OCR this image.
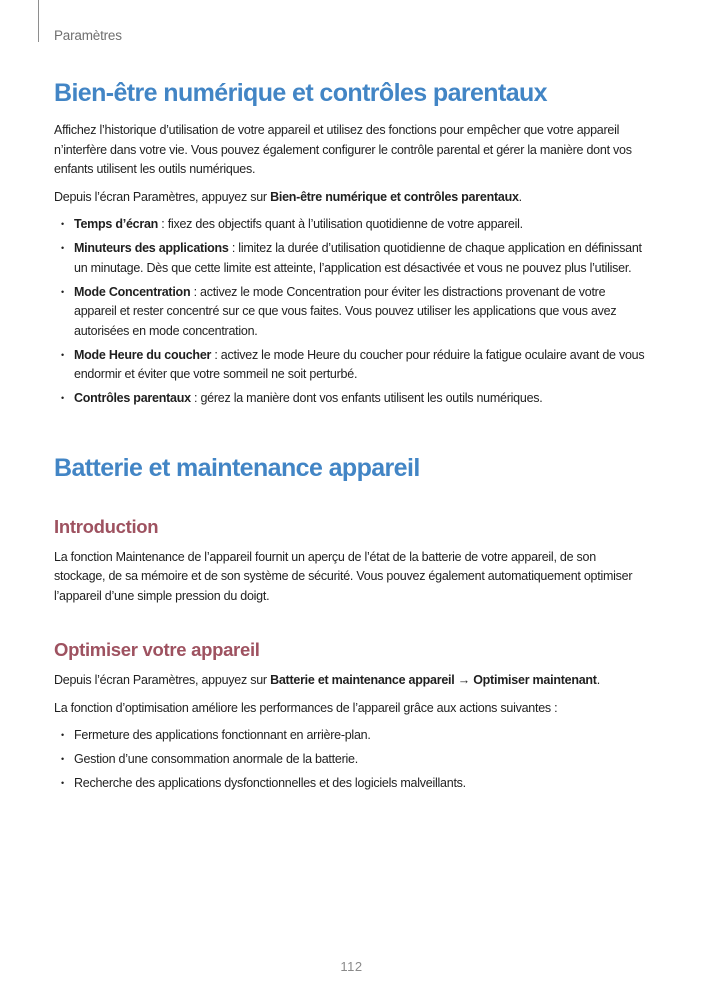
Paramètres
Bien-être numérique et contrôles parentaux

Affichez l’historique d’utilisation de votre appareil et utilisez des fonctions pour empêcher que votre appareil n’interfère dans votre vie. Vous pouvez également configurer le contrôle parental et gérer la manière dont vos enfants utilisent les outils numériques.

Depuis l’écran Paramètres, appuyez sur Bien-être numérique et contrôles parentaux.

• Temps d’écran : fixez des objectifs quant à l’utilisation quotidienne de votre appareil.
• Minuteurs des applications : limitez la durée d’utilisation quotidienne de chaque application en définissant un minutage. Dès que cette limite est atteinte, l’application est désactivée et vous ne pouvez plus l’utiliser.
• Mode Concentration : activez le mode Concentration pour éviter les distractions provenant de votre appareil et rester concentré sur ce que vous faites. Vous pouvez utiliser les applications que vous avez autorisées en mode concentration.
• Mode Heure du coucher : activez le mode Heure du coucher pour réduire la fatigue oculaire avant de vous endormir et éviter que votre sommeil ne soit perturbé.
• Contrôles parentaux : gérez la manière dont vos enfants utilisent les outils numériques.
Batterie et maintenance appareil
Introduction

La fonction Maintenance de l’appareil fournit un aperçu de l’état de la batterie de votre appareil, de son stockage, de sa mémoire et de son système de sécurité. Vous pouvez également automatiquement optimiser l’appareil d’une simple pression du doigt.

Optimiser votre appareil

Depuis l’écran Paramètres, appuyez sur Batterie et maintenance appareil → Optimiser maintenant.

La fonction d’optimisation améliore les performances de l’appareil grâce aux actions suivantes :

• Fermeture des applications fonctionnant en arrière-plan.
• Gestion d’une consommation anormale de la batterie.
• Recherche des applications dysfonctionnelles et des logiciels malveillants.
112
